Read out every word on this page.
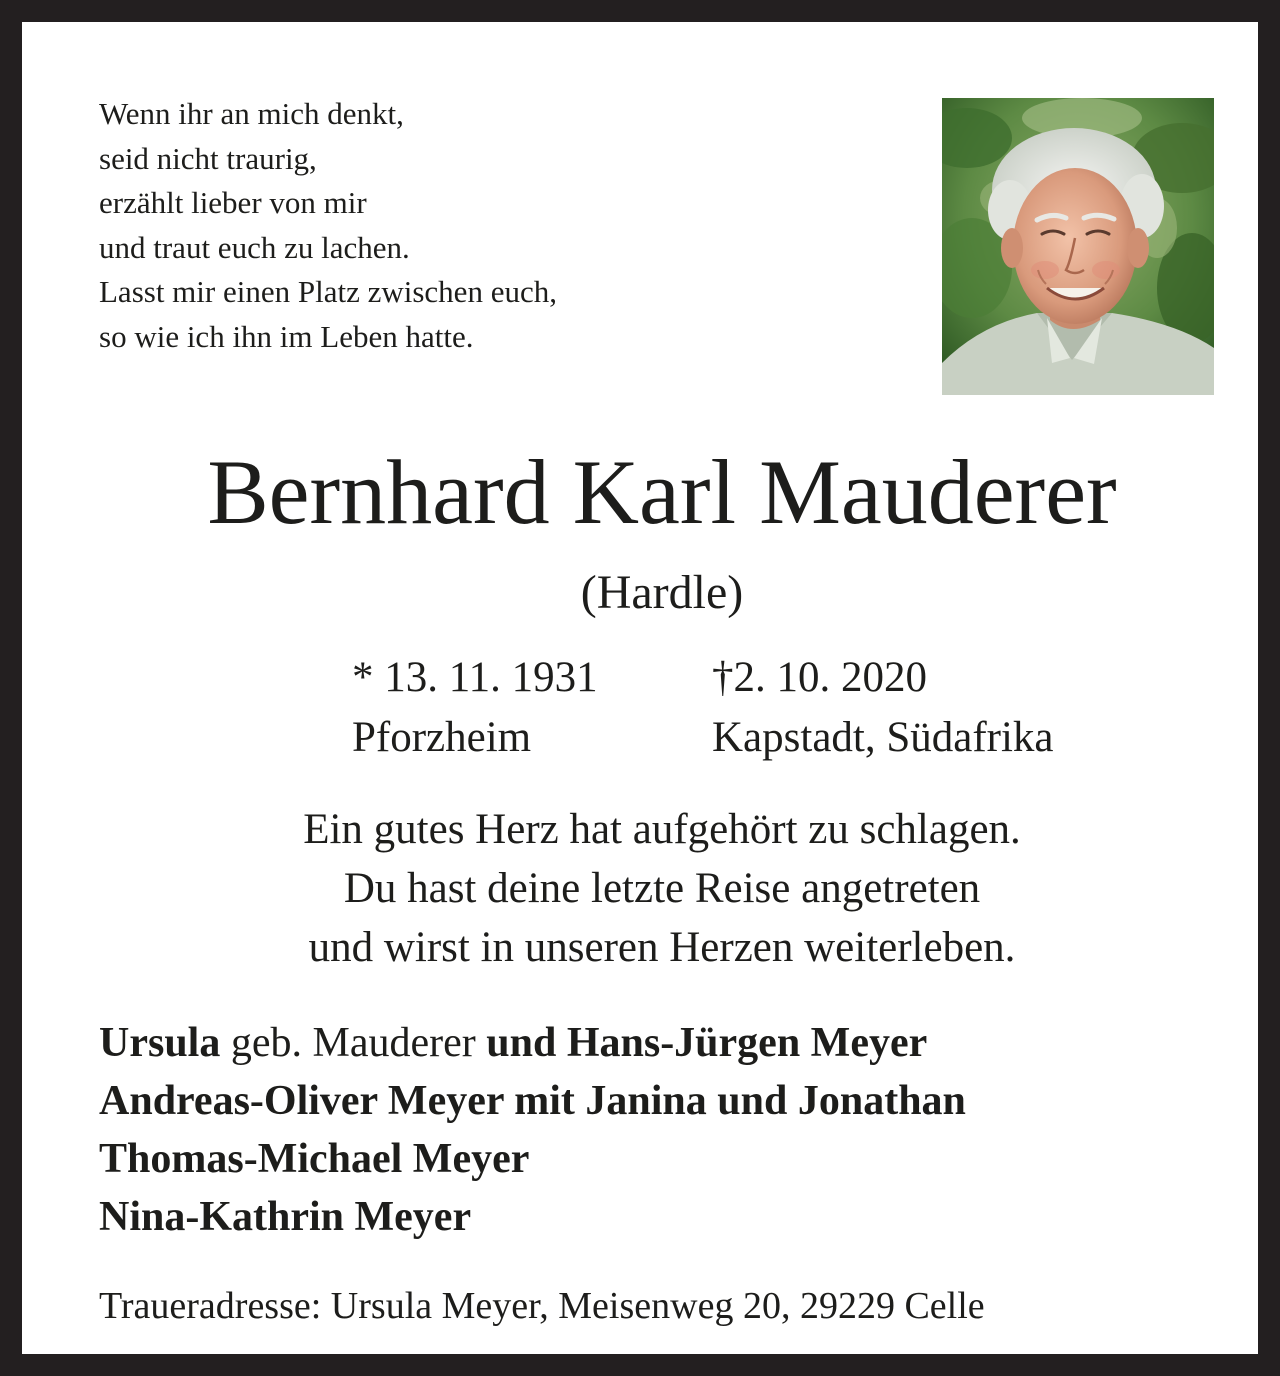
Wenn ihr an mich denkt,
seid nicht traurig,
erzählt lieber von mir
und traut euch zu lachen.
Lasst mir einen Platz zwischen euch,
so wie ich ihn im Leben hatte.
Bernhard Karl Mauderer
(Hardle)
* 13. 11. 1931
Pforzheim
†2. 10. 2020
Kapstadt, Südafrika
Ein gutes Herz hat aufgehört zu schlagen.
Du hast deine letzte Reise angetreten
und wirst in unseren Herzen weiterleben.
Ursula geb. Mauderer und Hans-Jürgen Meyer
Andreas-Oliver Meyer mit Janina und Jonathan
Thomas-Michael Meyer
Nina-Kathrin Meyer
Traueradresse: Ursula Meyer, Meisenweg 20, 29229 Celle
